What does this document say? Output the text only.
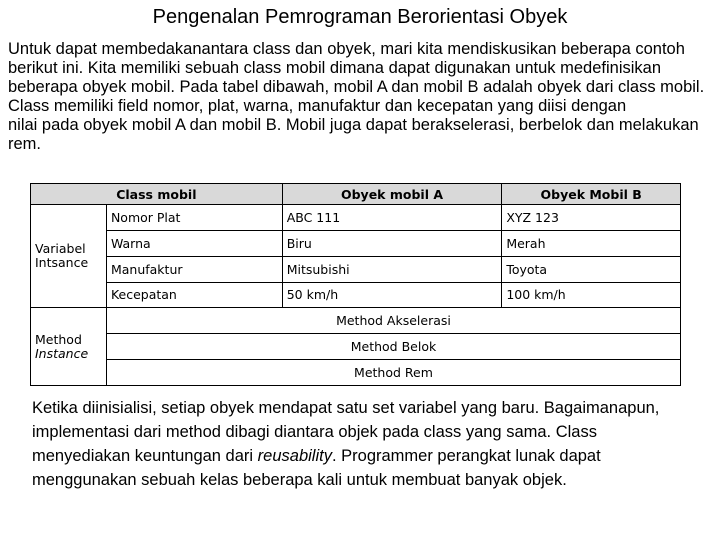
Pengenalan Pemrograman Berorientasi Obyek

Untuk dapat membedakanantara class dan obyek, mari kita mendiskusikan beberapa contoh berikut ini. Kita memiliki sebuah class mobil dimana dapat digunakan untuk medefinisikan beberapa obyek mobil. Pada tabel dibawah, mobil A dan mobil B adalah obyek dari class mobil. Class memiliki field nomor, plat, warna, manufaktur dan kecepatan yang diisi dengan

nilai pada obyek mobil A dan mobil B. Mobil juga dapat berakselerasi, berbelok dan melakukan rem.

Class mobil		Obyek mobil A	Obyek Mobil B

Variabel
Intsance	Nomor Plat	ABC 111	XYZ 123
	Warna	Biru	Merah
	Manufaktur	Mitsubishi	Toyota
	Kecepatan	50 km/h	100 km/h

Method
Instance	Method Akselerasi		
	Method Belok		
	Method Rem		
Ketika diinisialisi, setiap obyek mendapat satu set variabel yang baru. Bagaimanapun, implementasi dari method dibagi diantara objek pada class yang sama. Class menyediakan keuntungan dari reusability. Programmer perangkat lunak dapat menggunakan sebuah kelas beberapa kali untuk membuat banyak objek.
